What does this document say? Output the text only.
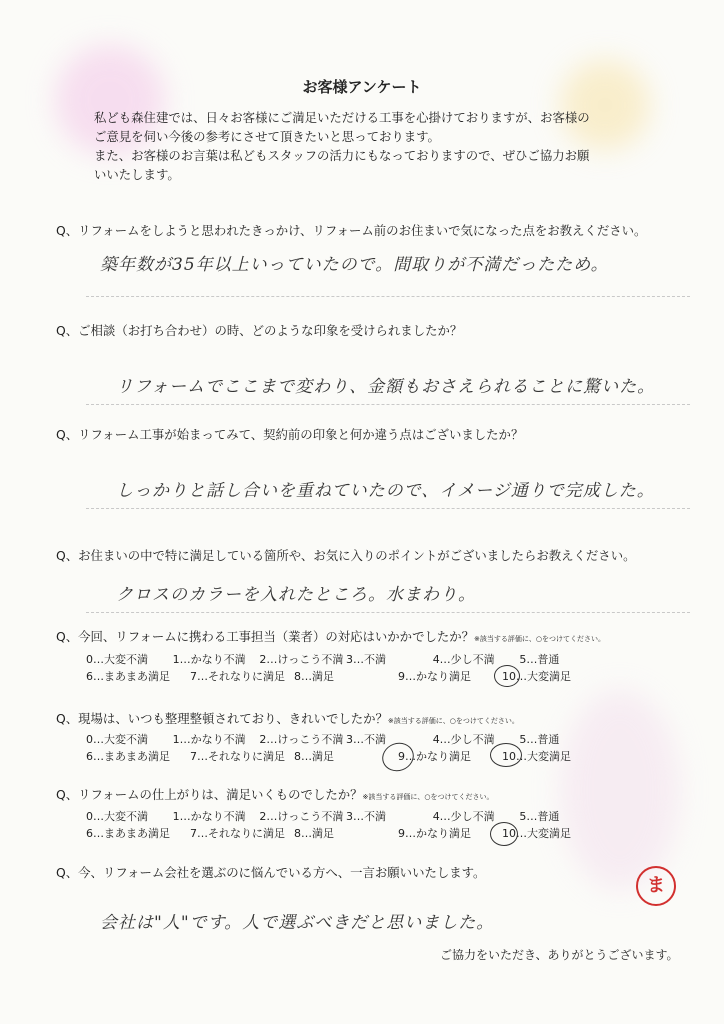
お客様アンケート

私ども森住建では、日々お客様にご満足いただける工事を心掛けておりますが、お客様の

ご意見を伺い今後の参考にさせて頂きたいと思っております。

また、お客様のお言葉は私どもスタッフの活力にもなっておりますので、ぜひご協力お願

いいたします。

Q、リフォームをしようと思われたきっかけ、リフォーム前のお住まいで気になった点をお教えください。
築年数が35年以上いっていたので。間取りが不満だったため。
Q、ご相談（お打ち合わせ）の時、どのような印象を受けられましたか？
リフォームでここまで変わり、金額もおさえられることに驚いた。
Q、リフォーム工事が始まってみて、契約前の印象と何か違う点はございましたか？
しっかりと話し合いを重ねていたので、イメージ通りで完成した。
Q、お住まいの中で特に満足している箇所や、お気に入りのポイントがございましたらお教えください。
クロスのカラーを入れたところ。水まわり。
Q、今回、リフォームに携わる工事担当（業者）の対応はいかかでしたか？※該当する評価に、○をつけてください。
0…大変不満	1…かなり不満	2…けっこう不満 3…不満	4…少し不満	5…普通
6…まあまあ満足	7…それなりに満足 8…満足	9…かなり満足	10…大変満足
Q、現場は、いつも整理整頓されており、きれいでしたか？※該当する評価に、○をつけてください。
0…大変不満	1…かなり不満	2…けっこう不満 3…不満	4…少し不満	5…普通
6…まあまあ満足	7…それなりに満足 8…満足	9…かなり満足	10…大変満足
Q、リフォームの仕上がりは、満足いくものでしたか？※該当する評価に、○をつけてください。
0…大変不満	1…かなり不満	2…けっこう不満 3…不満	4…少し不満	5…普通
6…まあまあ満足	7…それなりに満足 8…満足	9…かなり満足	10…大変満足
Q、今、リフォーム会社を選ぶのに悩んでいる方へ、一言お願いいたします。
会社は"人"です。人で選ぶべきだと思いました。
ま
ご協力をいただき、ありがとうございます。
